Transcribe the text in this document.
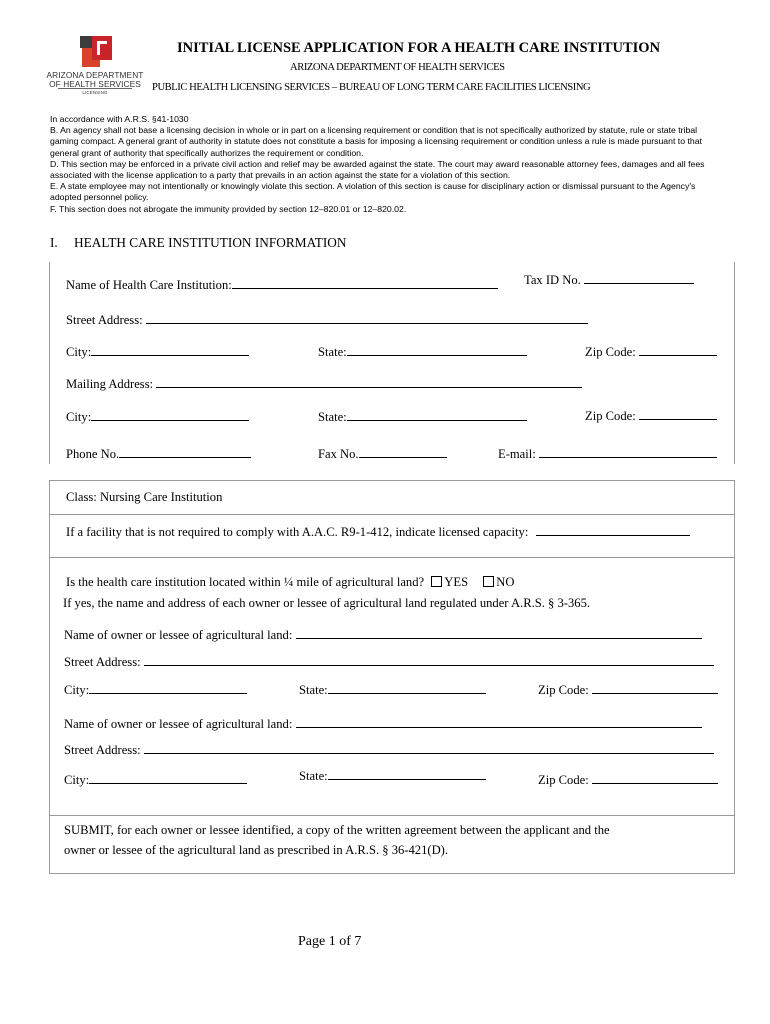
ARIZONA DEPARTMENT
OF HEALTH SERVICES
LICENSING
INITIAL LICENSE APPLICATION FOR A HEALTH CARE INSTITUTION
ARIZONA DEPARTMENT OF HEALTH SERVICES
PUBLIC HEALTH LICENSING SERVICES – BUREAU OF LONG TERM CARE FACILITIES LICENSING

In accordance with A.R.S. §41-1030

B. An agency shall not base a licensing decision in whole or in part on a licensing requirement or condition that is not specifically authorized by statute, rule or state tribal gaming compact. A general grant of authority in statute does not constitute a basis for imposing a licensing requirement or condition unless a rule is made pursuant to that general grant of authority that specifically authorizes the requirement or condition.

D. This section may be enforced in a private civil action and relief may be awarded against the state. The court may award reasonable attorney fees, damages and all fees associated with the license application to a party that prevails in an action against the state for a violation of this section.

E. A state employee may not intentionally or knowingly violate this section. A violation of this section is cause for disciplinary action or dismissal pursuant to the Agency's adopted personnel policy.

F. This section does not abrogate the immunity provided by section 12–820.01 or 12–820.02.

I. HEALTH CARE INSTITUTION INFORMATION
Name of Health Care Institution:	Tax ID No.
Street Address:
City:	State:	Zip Code:
Mailing Address:
City:	State:	Zip Code:
Phone No.	Fax No.	E-mail:
Class: Nursing Care Institution
If a facility that is not required to comply with A.A.C. R9-1-412, indicate licensed capacity:
Is the health care institution located within ¼ mile of agricultural land? YES NO
If yes, the name and address of each owner or lessee of agricultural land regulated under A.R.S. § 3-365.
Name of owner or lessee of agricultural land:
Street Address:
City:	State:	Zip Code:
Name of owner or lessee of agricultural land:
Street Address:
City:	State:	Zip Code:
SUBMIT, for each owner or lessee identified, a copy of the written agreement between the applicant and the
owner or lessee of the agricultural land as prescribed in A.R.S. § 36-421(D).
Page 1 of 7
